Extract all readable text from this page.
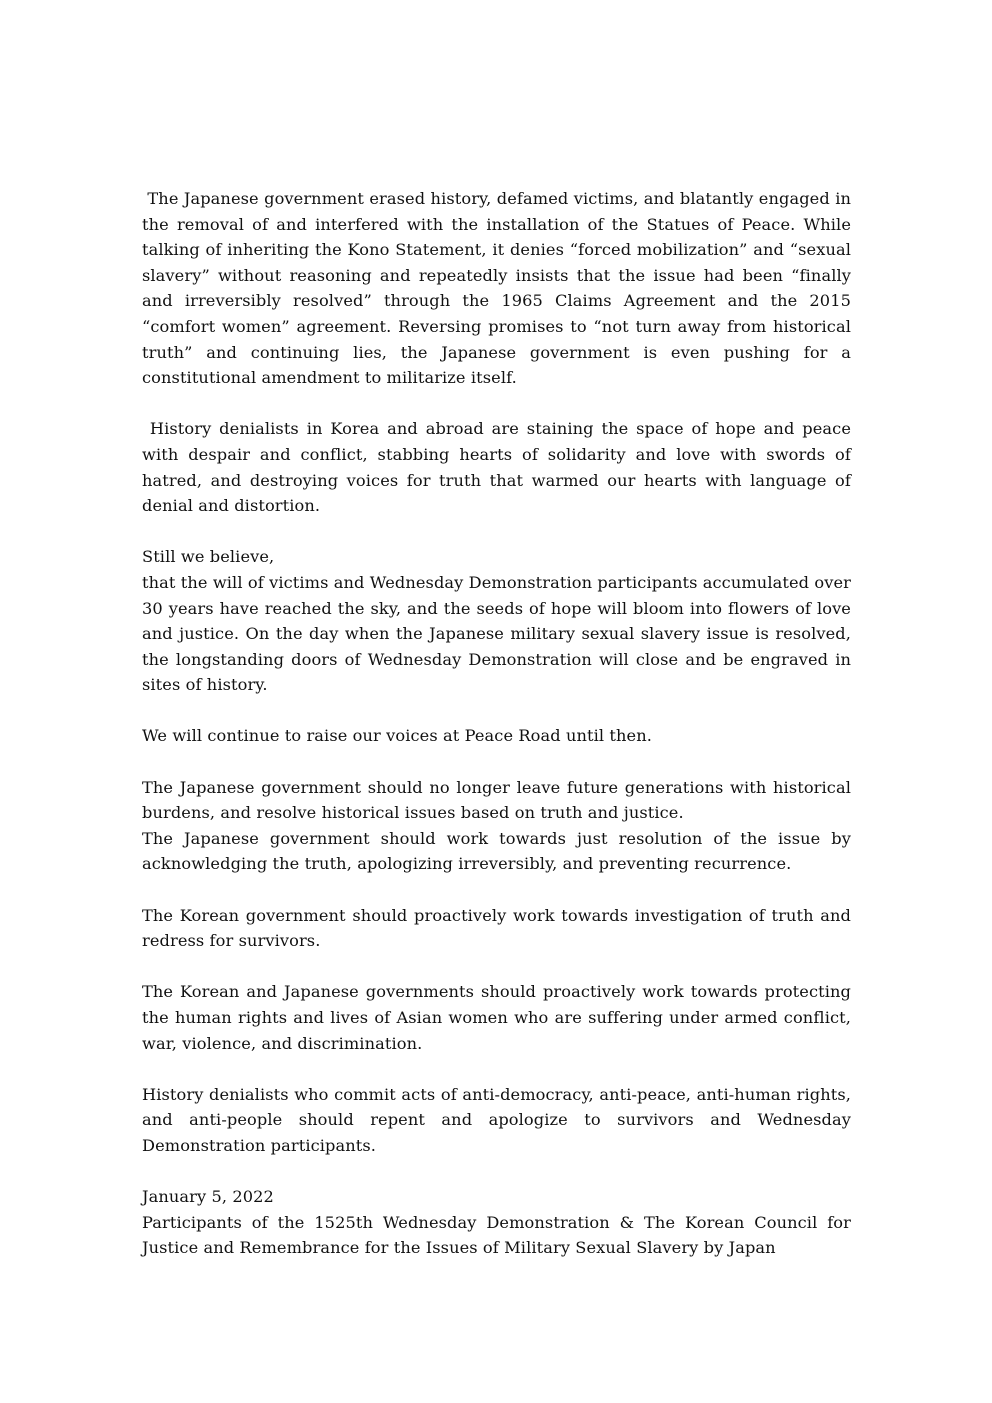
The Japanese government erased history, defamed victims, and blatantly engaged in the removal of and interfered with the installation of the Statues of Peace. While talking of inheriting the Kono Statement, it denies “forced mobilization” and “sexual slavery” without reasoning and repeatedly insists that the issue had been “finally and irreversibly resolved” through the 1965 Claims Agreement and the 2015 “comfort women” agreement. Reversing promises to “not turn away from historical truth” and continuing lies, the Japanese government is even pushing for a constitutional amendment to militarize itself.

History denialists in Korea and abroad are staining the space of hope and peace with despair and conflict, stabbing hearts of solidarity and love with swords of hatred, and destroying voices for truth that warmed our hearts with language of denial and distortion.

Still we believe,

that the will of victims and Wednesday Demonstration participants accumulated over 30 years have reached the sky, and the seeds of hope will bloom into flowers of love and justice. On the day when the Japanese military sexual slavery issue is resolved, the longstanding doors of Wednesday Demonstration will close and be engraved in sites of history.

We will continue to raise our voices at Peace Road until then.

The Japanese government should no longer leave future generations with historical burdens, and resolve historical issues based on truth and justice.

The Japanese government should work towards just resolution of the issue by acknowledging the truth, apologizing irreversibly, and preventing recurrence.

The Korean government should proactively work towards investigation of truth and redress for survivors.

The Korean and Japanese governments should proactively work towards protecting the human rights and lives of Asian women who are suffering under armed conflict, war, violence, and discrimination.

History denialists who commit acts of anti-democracy, anti-peace, anti-human rights, and anti-people should repent and apologize to survivors and Wednesday Demonstration participants.

January 5, 2022

Participants of the 1525th Wednesday Demonstration & The Korean Council for Justice and Remembrance for the Issues of Military Sexual Slavery by Japan
